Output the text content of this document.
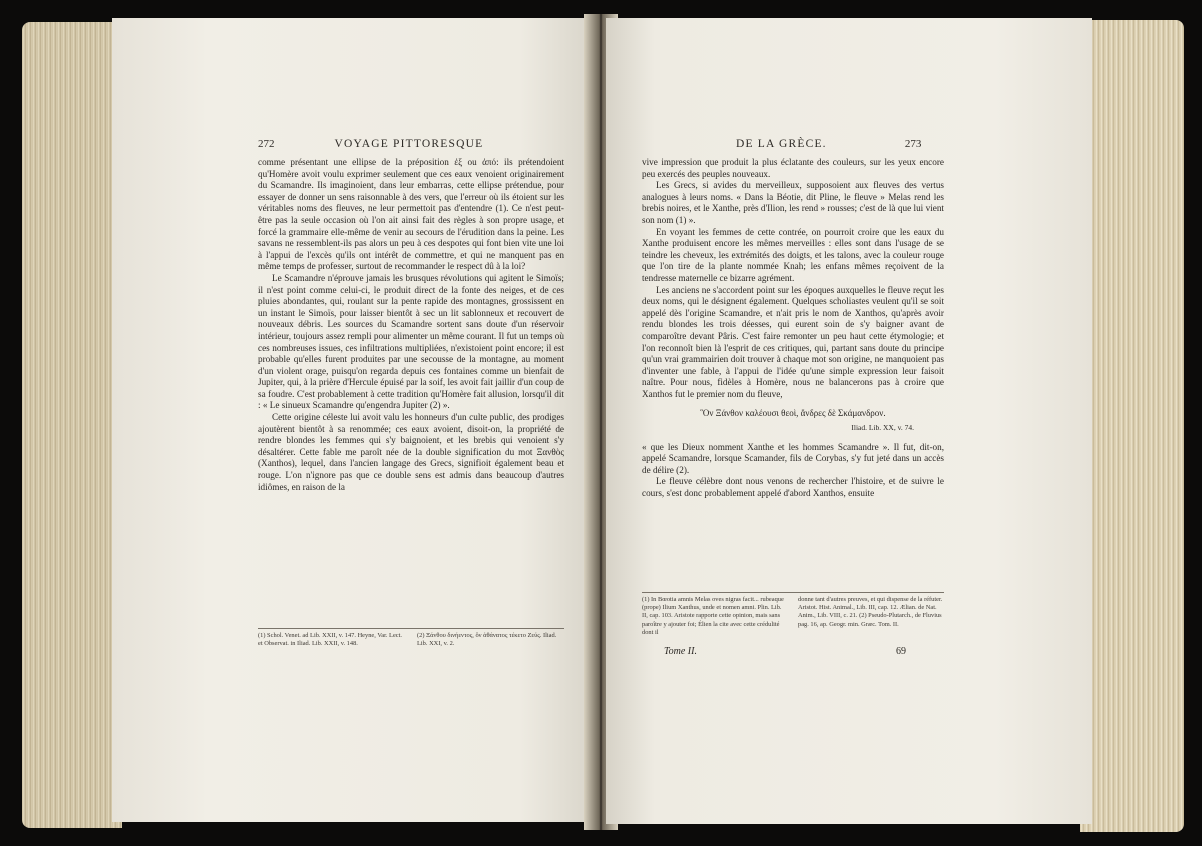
272	VOYAGE PITTORESQUE

comme présentant une ellipse de la préposition ἐξ ou ἀπό: ils prétendoient qu'Homère avoit voulu exprimer seulement que ces eaux venoient originairement du Scamandre. Ils imaginoient, dans leur embarras, cette ellipse prétendue, pour essayer de donner un sens raisonnable à des vers, que l'erreur où ils étoient sur les véritables noms des fleuves, ne leur permettoit pas d'entendre (1). Ce n'est peut-être pas la seule occasion où l'on ait ainsi fait des règles à son propre usage, et forcé la grammaire elle-même de venir au secours de l'érudition dans la peine. Les savans ne ressemblent-ils pas alors un peu à ces despotes qui font bien vite une loi à l'appui de l'excès qu'ils ont intérêt de commettre, et qui ne manquent pas en même temps de professer, surtout de recommander le respect dû à la loi?

Le Scamandre n'éprouve jamais les brusques révolutions qui agitent le Simoïs; il n'est point comme celui-ci, le produit direct de la fonte des neiges, et de ces pluies abondantes, qui, roulant sur la pente rapide des montagnes, grossissent en un instant le Simoïs, pour laisser bientôt à sec un lit sablonneux et recouvert de nouveaux débris. Les sources du Scamandre sortent sans doute d'un réservoir intérieur, toujours assez rempli pour alimenter un même courant. Il fut un temps où ces nombreuses issues, ces infiltrations multipliées, n'existoient point encore; il est probable qu'elles furent produites par une secousse de la montagne, au moment d'un violent orage, puisqu'on regarda depuis ces fontaines comme un bienfait de Jupiter, qui, à la prière d'Hercule épuisé par la soif, les avoit fait jaillir d'un coup de sa foudre. C'est probablement à cette tradition qu'Homère fait allusion, lorsqu'il dit : « Le sinueux Scamandre qu'engendra Jupiter (2) ».

Cette origine céleste lui avoit valu les honneurs d'un culte public, des prodiges ajoutèrent bientôt à sa renommée; ces eaux avoient, disoit-on, la propriété de rendre blondes les femmes qui s'y baignoient, et les brebis qui venoient s'y désaltérer. Cette fable me paroît née de la double signification du mot Ξανθὸς (Xanthos), lequel, dans l'ancien langage des Grecs, signifioit également beau et rouge. L'on n'ignore pas que ce double sens est admis dans beaucoup d'autres idiômes, en raison de la

(1) Schol. Venet. ad Lib. XXII, v. 147. Heyne, Var. Lect. et Observat. in Iliad. Lib. XXII, v. 148.
(2) Ξάνθου δινήεντος, ὃν ἀθάνατος τέκετο Ζεύς. Iliad. Lib. XXI, v. 2.
DE LA GRÈCE.	273

vive impression que produit la plus éclatante des couleurs, sur les yeux encore peu exercés des peuples nouveaux.

Les Grecs, si avides du merveilleux, supposoient aux fleuves des vertus analogues à leurs noms. « Dans la Béotie, dit Pline, le fleuve » Melas rend les brebis noires, et le Xanthe, près d'Ilion, les rend » rousses; c'est de là que lui vient son nom (1) ».

En voyant les femmes de cette contrée, on pourroit croire que les eaux du Xanthe produisent encore les mêmes merveilles : elles sont dans l'usage de se teindre les cheveux, les extrémités des doigts, et les talons, avec la couleur rouge que l'on tire de la plante nommée Knah; les enfans mêmes reçoivent de la tendresse maternelle ce bizarre agrément.

Les anciens ne s'accordent point sur les époques auxquelles le fleuve reçut les deux noms, qui le désignent également. Quelques scholiastes veulent qu'il se soit appelé dès l'origine Scamandre, et n'ait pris le nom de Xanthos, qu'après avoir rendu blondes les trois déesses, qui eurent soin de s'y baigner avant de comparoître devant Pâris. C'est faire remonter un peu haut cette étymologie; et l'on reconnoît bien là l'esprit de ces critiques, qui, partant sans doute du principe qu'un vrai grammairien doit trouver à chaque mot son origine, ne manquoient pas d'inventer une fable, à l'appui de l'idée qu'une simple expression leur faisoit naître. Pour nous, fidèles à Homère, nous ne balancerons pas à croire que Xanthos fut le premier nom du fleuve,

Ὃν Ξάνθον καλέουσι θεοὶ, ἄνδρες δὲ Σκάμανδρον.
Iliad. Lib. XX, v. 74.

« que les Dieux nomment Xanthe et les hommes Scamandre ». Il fut, dit-on, appelé Scamandre, lorsque Scamander, fils de Corybas, s'y fut jeté dans un accès de délire (2).

Le fleuve célèbre dont nous venons de rechercher l'histoire, et de suivre le cours, s'est donc probablement appelé d'abord Xanthos, ensuite

(1) In Bœotia amnis Melas oves nigras facit... rubeaque (prope) Ilium Xanthus, unde et nomen amni. Plin. Lib. II, cap. 103. Aristote rapporte cette opinion, mais sans paroître y ajouter foi; Élien la cite avec cette crédulité dont il
donne tant d'autres preuves, et qui dispense de la réfuter. Aristot. Hist. Animal., Lib. III, cap. 12. Ælian. de Nat. Anim., Lib. VIII, c. 21. (2) Pseudo-Plutarch., de Fluvius pag. 16, ap. Geogr. min. Græc. Tom. II.
Tome II.	69
